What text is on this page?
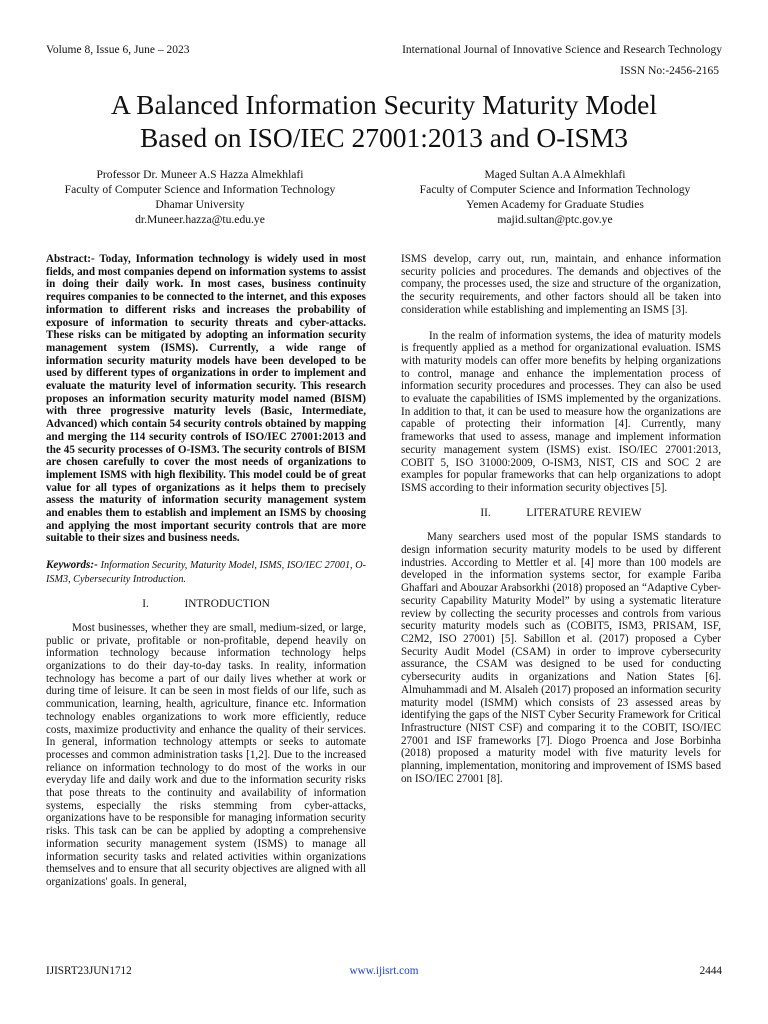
Volume 8, Issue 6, June – 2023	International Journal of Innovative Science and Research Technology
ISSN No:-2456-2165
A Balanced Information Security Maturity Model
Based on ISO/IEC 27001:2013 and O-ISM3
Professor Dr. Muneer A.S Hazza Almekhlafi
Faculty of Computer Science and Information Technology
Dhamar University
dr.Muneer.hazza@tu.edu.ye
Maged Sultan A.A Almekhlafi
Faculty of Computer Science and Information Technology
Yemen Academy for Graduate Studies
majid.sultan@ptc.gov.ye

Abstract:- Today, Information technology is widely used in most fields, and most companies depend on information systems to assist in doing their daily work. In most cases, business continuity requires companies to be connected to the internet, and this exposes information to different risks and increases the probability of exposure of information to security threats and cyber-attacks. These risks can be mitigated by adopting an information security management system (ISMS). Currently, a wide range of information security maturity models have been developed to be used by different types of organizations in order to implement and evaluate the maturity level of information security. This research proposes an information security maturity model named (BISM) with three progressive maturity levels (Basic, Intermediate, Advanced) which contain 54 security controls obtained by mapping and merging the 114 security controls of ISO/IEC 27001:2013 and the 45 security processes of O-ISM3. The security controls of BISM are chosen carefully to cover the most needs of organizations to implement ISMS with high flexibility. This model could be of great value for all types of organizations as it helps them to precisely assess the maturity of information security management system and enables them to establish and implement an ISMS by choosing and applying the most important security controls that are more suitable to their sizes and business needs.

Keywords:- Information Security, Maturity Model, ISMS, ISO/IEC 27001, O-ISM3, Cybersecurity Introduction.

I.	INTRODUCTION

Most businesses, whether they are small, medium-sized, or large, public or private, profitable or non-profitable, depend heavily on information technology because information technology helps organizations to do their day-to-day tasks. In reality, information technology has become a part of our daily lives whether at work or during time of leisure. It can be seen in most fields of our life, such as communication, learning, health, agriculture, finance etc. Information technology enables organizations to work more efficiently, reduce costs, maximize productivity and enhance the quality of their services. In general, information technology attempts or seeks to automate processes and common administration tasks [1,2]. Due to the increased reliance on information technology to do most of the works in our everyday life and daily work and due to the information security risks that pose threats to the continuity and availability of information systems, especially the risks stemming from cyber-attacks, organizations have to be responsible for managing information security risks. This task can be can be applied by adopting a comprehensive information security management system (ISMS) to manage all information security tasks and related activities within organizations themselves and to ensure that all security objectives are aligned with all organizations' goals. In general,

ISMS develop, carry out, run, maintain, and enhance information security policies and procedures. The demands and objectives of the company, the processes used, the size and structure of the organization, the security requirements, and other factors should all be taken into consideration while establishing and implementing an ISMS [3].

In the realm of information systems, the idea of maturity models is frequently applied as a method for organizational evaluation. ISMS with maturity models can offer more benefits by helping organizations to control, manage and enhance the implementation process of information security procedures and processes. They can also be used to evaluate the capabilities of ISMS implemented by the organizations. In addition to that, it can be used to measure how the organizations are capable of protecting their information [4]. Currently, many frameworks that used to assess, manage and implement information security management system (ISMS) exist. ISO/IEC 27001:2013, COBIT 5, ISO 31000:2009, O-ISM3, NIST, CIS and SOC 2 are examples for popular frameworks that can help organizations to adopt ISMS according to their information security objectives [5].

II.	LITERATURE REVIEW

Many searchers used most of the popular ISMS standards to design information security maturity models to be used by different industries. According to Mettler et al. [4] more than 100 models are developed in the information systems sector, for example Fariba Ghaffari and Abouzar Arabsorkhi (2018) proposed an “Adaptive Cyber-security Capability Maturity Model” by using a systematic literature review by collecting the security processes and controls from various security maturity models such as (COBIT5, ISM3, PRISAM, ISF, C2M2, ISO 27001) [5]. Sabillon et al. (2017) proposed a Cyber Security Audit Model (CSAM) in order to improve cybersecurity assurance, the CSAM was designed to be used for conducting cybersecurity audits in organizations and Nation States [6]. Almuhammadi and M. Alsaleh (2017) proposed an information security maturity model (ISMM) which consists of 23 assessed areas by identifying the gaps of the NIST Cyber Security Framework for Critical Infrastructure (NIST CSF) and comparing it to the COBIT, ISO/IEC 27001 and ISF frameworks [7]. Diogo Proenca and Jose Borbinha (2018) proposed a maturity model with five maturity levels for planning, implementation, monitoring and improvement of ISMS based on ISO/IEC 27001 [8].

IJISRT23JUN1712	www.ijisrt.com	2444
